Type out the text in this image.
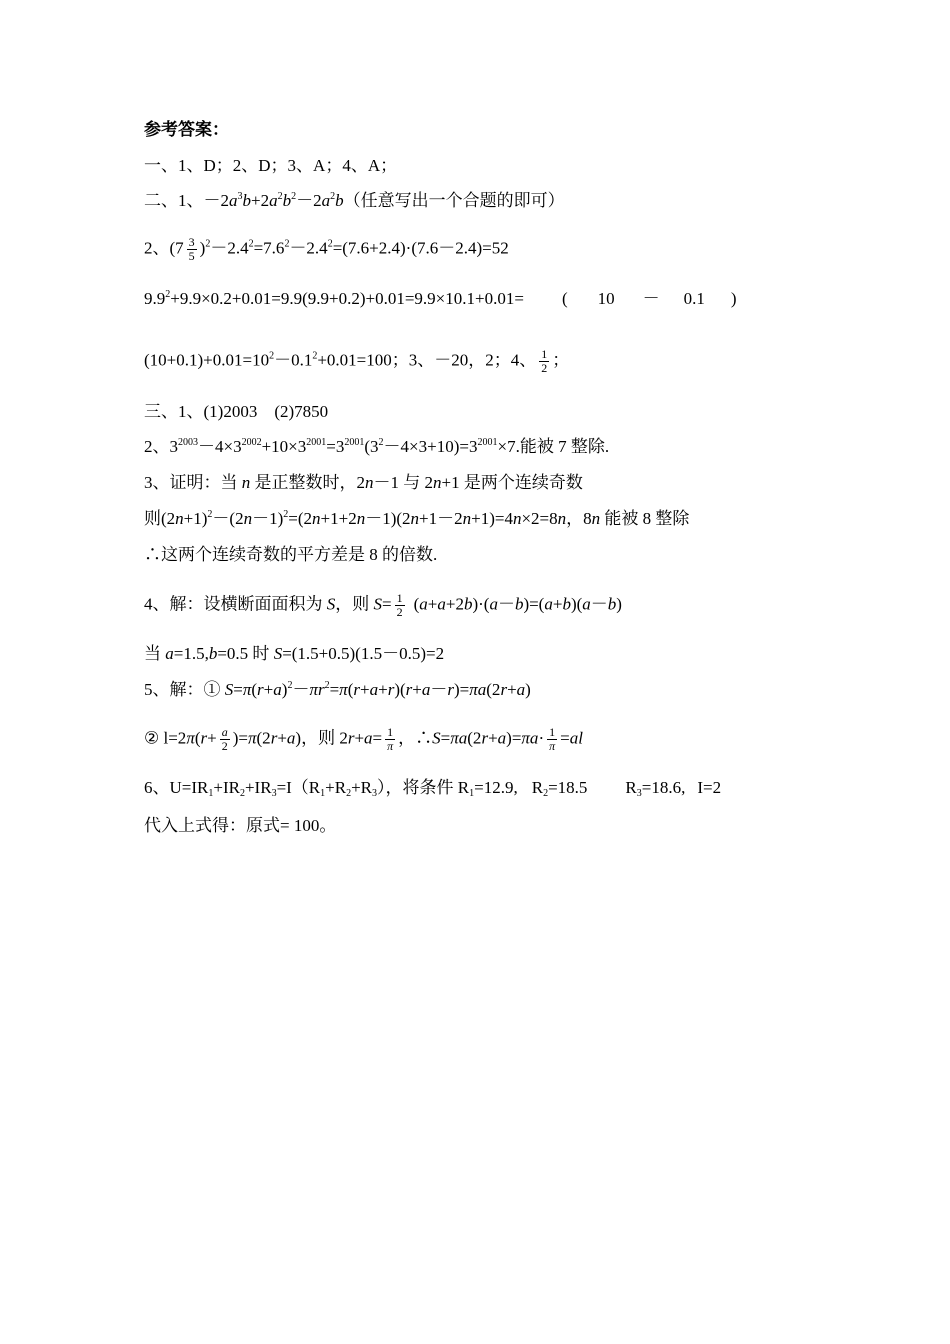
参考答案：
一、1、D；2、D；3、A；4、A；
二、1、$-2a^3b+2a^2b^2-2a^2b$（任意写出一个合题的即可）
2、$(7 \frac{3}{5} )^2-2.4^2=7.6^2-2.4^2=(7.6+2.4)\cdot(7.6-2.4)=52$
$9.9^2+9.9\times 0.2+0.01=9.9(9.9+0.2)+0.01=9.9\times 10.1+0.01=$ ( 10 － 0.1 )
$(10+0.1)+0.01=10^2-0.1^2+0.01=100$；3、－20，2；4、 $\frac{1}{2}$ ；
三、1、(1)2003　(2)7850
2、$3^{2003}-4\times 3^{2002}+10\times 3^{2001}=3^{2001}(3^2-4\times 3+10)=3^{2001}\times 7$.能被 7 整除.
3、证明：当 n 是正整数时，2n－1 与 2n+1 是两个连续奇数
则$(2n+1)^2-(2n-1)^2=(2n+1+2n-1)(2n+1-2n+1)=4n\times 2=8n$，8n 能被 8 整除
∴这两个连续奇数的平方差是 8 的倍数.
4、解：设横断面面积为 S，则 $S= \frac{1}{2} (a+a+2b)\cdot(a-b)=(a+b)(a-b)$
当 a=1.5,b=0.5 时 S=(1.5+0.5)(1.5－0.5)=2
5、解：① $S=\pi(r+a)^2-\pi r^2=\pi(r+a+r)(r+a-r)=\pi a(2r+a)$
② $l=2\pi(r+ \frac{a}{2} )=\pi(2r+a)$，则 $2r+a= \frac{1}{\pi}$ ，∴S=πa(2r+a)=πa· $\frac{1}{\pi} =al$
6、$U=IR_1+IR_2+IR_3=I(R_1+R_2+R_3)$，将条件 $R_1=12.9$, $R_2=18.5$ $R_3=18.6$, I=2
代入上式得：原式= 100。
